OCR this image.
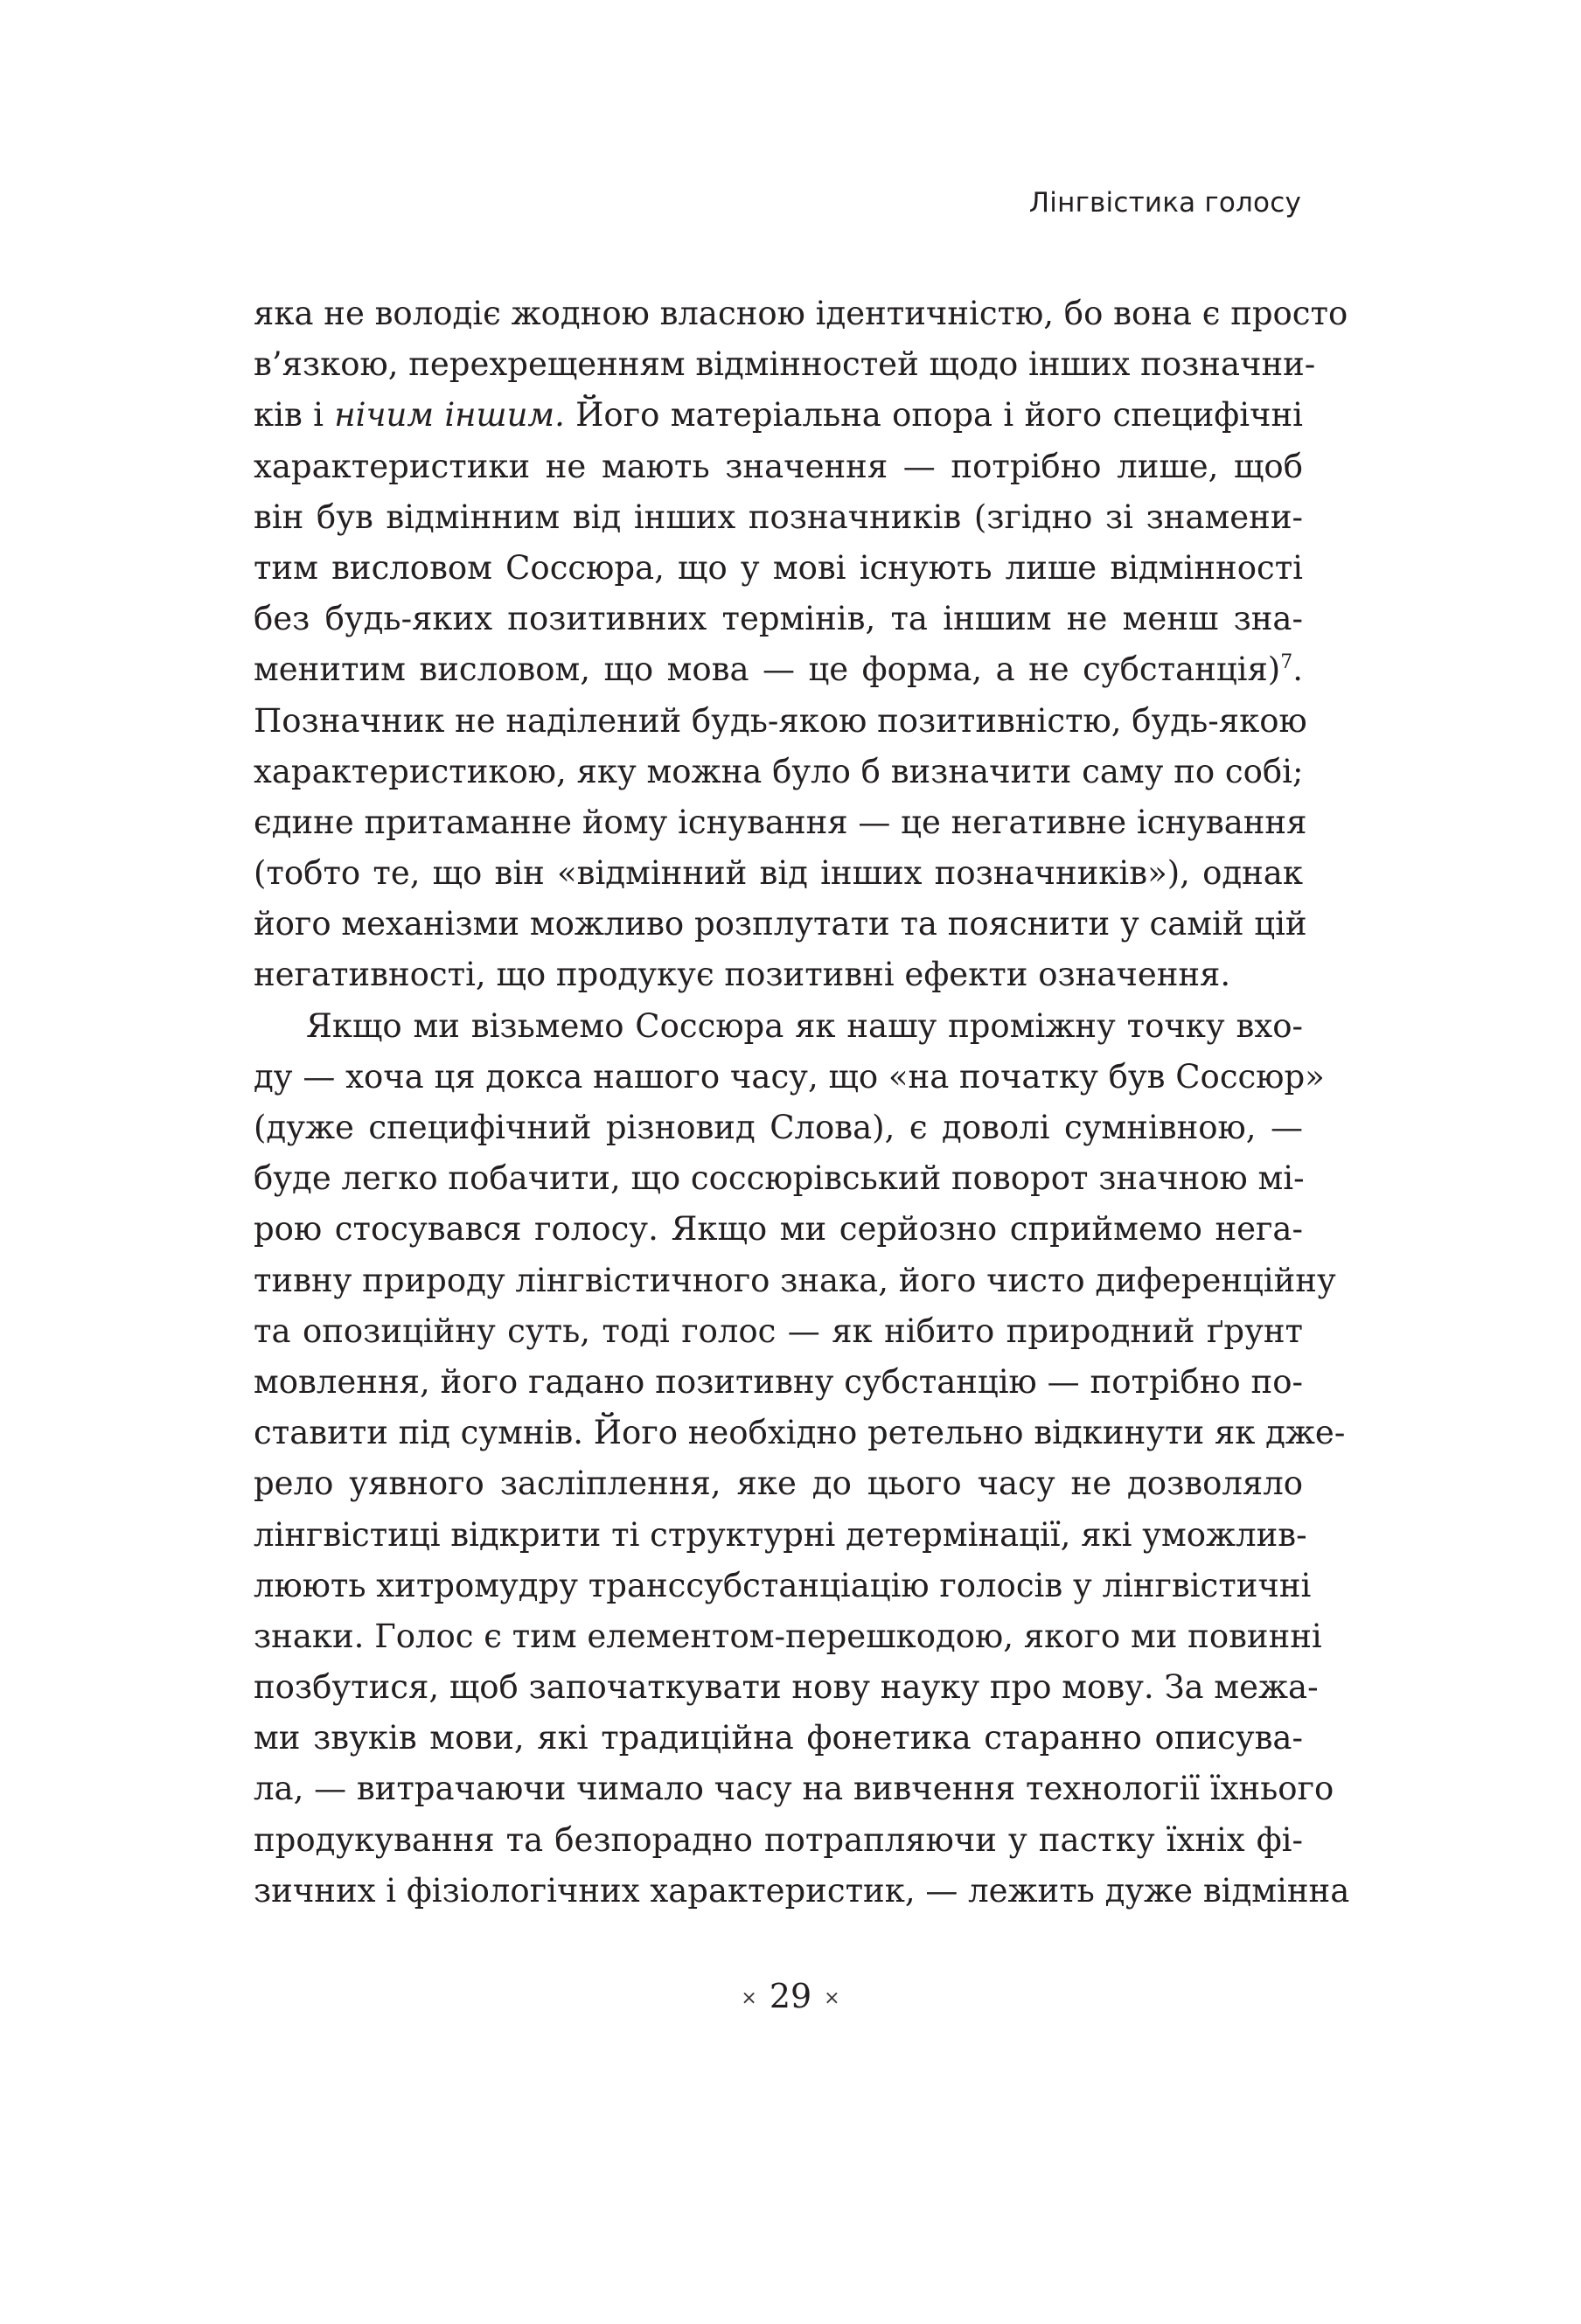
Лінгвістика голосу
яка не володіє жодною власною ідентичністю, бо вона є просто
в’язкою, перехрещенням відмінностей щодо інших позначни-
ків і нічим іншим. Його матеріальна опора і його специфічні
характеристики не мають значення — потрібно лише, щоб
він був відмінним від інших позначників (згідно зі знамени-
тим висловом Соссюра, що у мові існують лише відмінності
без будь-яких позитивних термінів, та іншим не менш зна-
менитим висловом, що мова — це форма, а не субстанція)$^7$.
Позначник не наділений будь-якою позитивністю, будь-якою
характеристикою, яку можна було б визначити саму по собі;
єдине притаманне йому існування — це негативне існування
(тобто те, що він «відмінний від інших позначників»), однак
його механізми можливо розплутати та пояснити у самій цій
негативності, що продукує позитивні ефекти означення.
Якщо ми візьмемо Соссюра як нашу проміжну точку вхо-
ду — хоча ця докса нашого часу, що «на початку був Соссюр»
(дуже специфічний різновид Слова), є доволі сумнівною, —
буде легко побачити, що соссюрівський поворот значною мі-
рою стосувався голосу. Якщо ми серйозно сприймемо нега-
тивну природу лінгвістичного знака, його чисто диференційну
та опозиційну суть, тоді голос — як нібито природний ґрунт
мовлення, його гадано позитивну субстанцію — потрібно по-
ставити під сумнів. Його необхідно ретельно відкинути як дже-
рело уявного засліплення, яке до цього часу не дозволяло
лінгвістиці відкрити ті структурні детермінації, які уможлив-
люють хитромудру транссубстанціацію голосів у лінгвістичні
знаки. Голос є тим елементом-перешкодою, якого ми повинні
позбутися, щоб започаткувати нову науку про мову. За межа-
ми звуків мови, які традиційна фонетика старанно описува-
ла, — витрачаючи чимало часу на вивчення технології їхнього
продукування та безпорадно потрапляючи у пастку їхніх фі-
зичних і фізіологічних характеристик, — лежить дуже відмінна
× 29 ×
